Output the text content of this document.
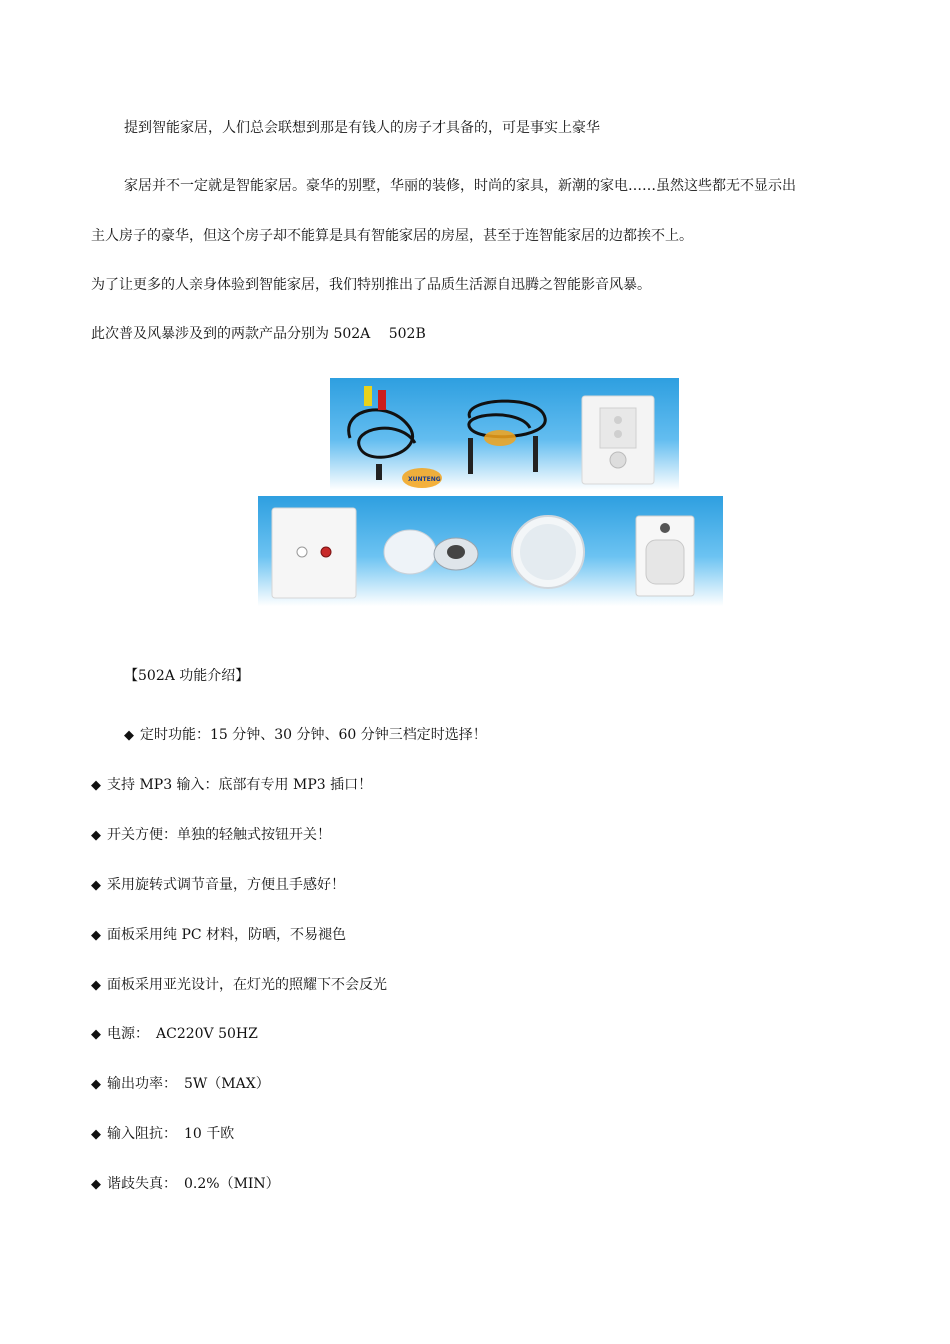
提到智能家居，人们总会联想到那是有钱人的房子才具备的，可是事实上豪华
家居并不一定就是智能家居。豪华的别墅，华丽的装修，时尚的家具，新潮的家电……虽然这些都无不显示出
主人房子的豪华，但这个房子却不能算是具有智能家居的房屋，甚至于连智能家居的边都挨不上。
为了让更多的人亲身体验到智能家居，我们特别推出了品质生活源自迅腾之智能影音风暴。
此次普及风暴涉及到的两款产品分别为 502A　 502B
XUNTENG
【502A 功能介绍】
◆ 定时功能：15 分钟、30 分钟、60 分钟三档定时选择！
◆ 支持 MP3 输入：底部有专用 MP3 插口！
◆ 开关方便：单独的轻触式按钮开关！
◆ 采用旋转式调节音量，方便且手感好！
◆ 面板采用纯 PC 材料，防晒，不易褪色
◆ 面板采用亚光设计，在灯光的照耀下不会反光
◆ 电源：　AC220V 50HZ
◆ 输出功率：　5W（MAX）
◆ 输入阻抗：　10 千欧
◆ 谐歧失真：　0.2%（MIN）
